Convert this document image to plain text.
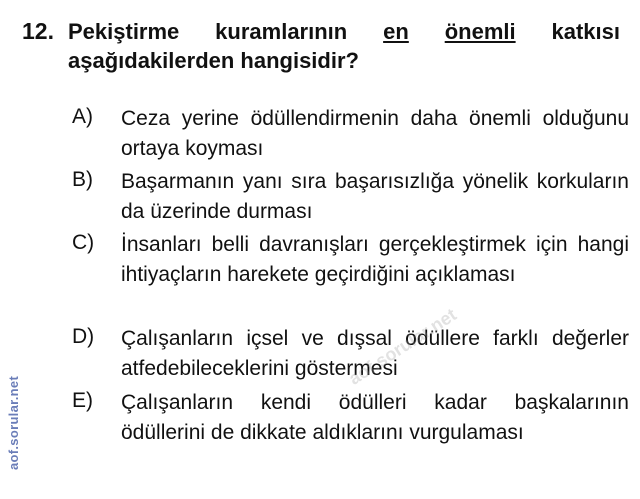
12. Pekiştirme kuramlarının en önemli katkısı aşağıdakilerden hangisidir?
A) Ceza yerine ödüllendirmenin daha önemli olduğunu ortaya koyması
B) Başarmanın yanı sıra başarısızlığa yönelik korkuların da üzerinde durması
C) İnsanları belli davranışları gerçekleştirmek için hangi ihtiyaçların harekete geçirdiğini açıklaması
D) Çalışanların içsel ve dışsal ödüllere farklı değerler atfedebileceklerini göstermesi
E) Çalışanların kendi ödülleri kadar başkalarının ödüllerini de dikkate aldıklarını vurgulaması
aof.sorular.net
aof.sorular.net
